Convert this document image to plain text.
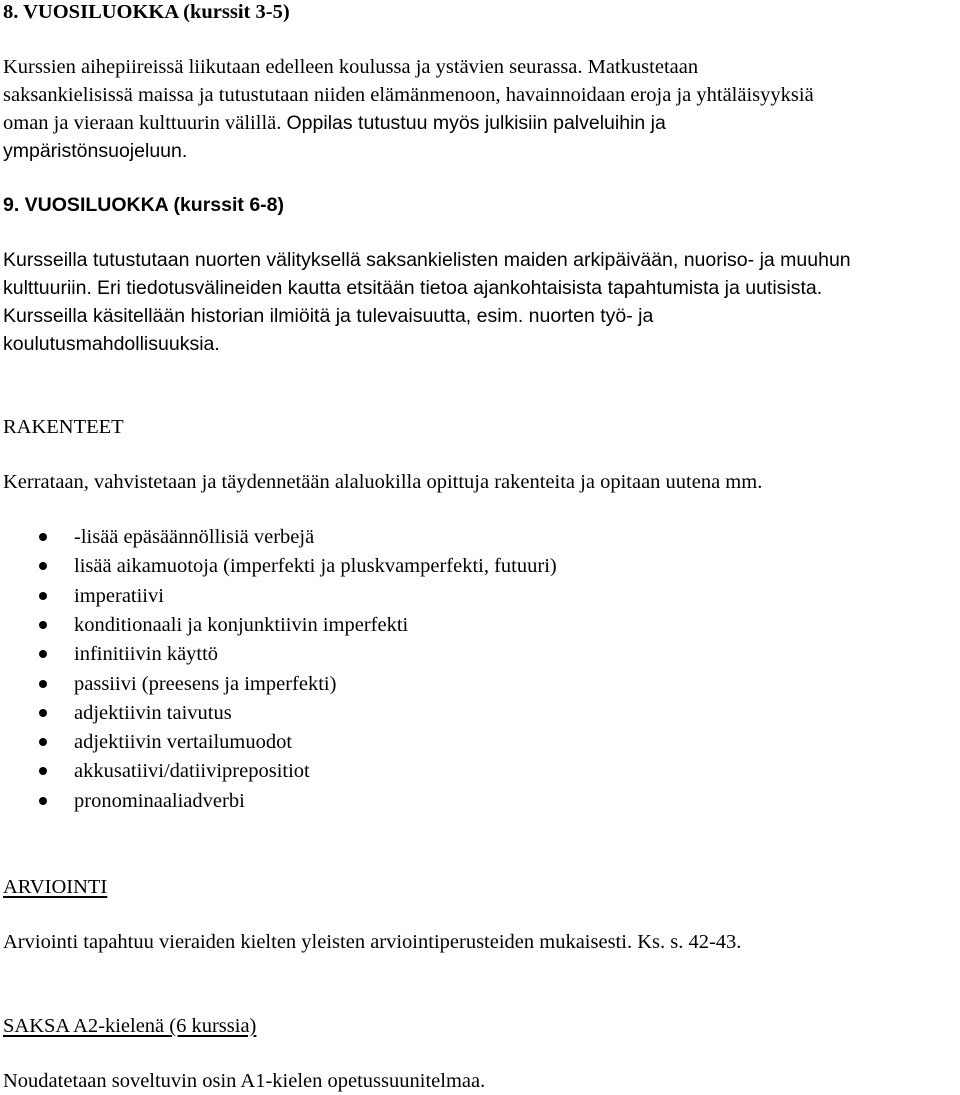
8. VUOSILUOKKA (kurssit 3-5)
Kurssien aihepiireissä liikutaan edelleen koulussa ja ystävien seurassa. Matkustetaan
saksankielisissä maissa ja tutustutaan niiden elämänmenoon, havainnoidaan eroja ja yhtäläisyyksiä
oman ja vieraan kulttuurin välillä. Oppilas tutustuu myös julkisiin palveluihin ja
ympäristönsuojeluun.
9. VUOSILUOKKA (kurssit 6-8)
Kursseilla tutustutaan nuorten välityksellä saksankielisten maiden arkipäivään, nuoriso- ja muuhun
kulttuuriin. Eri tiedotusvälineiden kautta etsitään tietoa ajankohtaisista tapahtumista ja uutisista.
Kursseilla käsitellään historian ilmiöitä ja tulevaisuutta, esim. nuorten työ- ja
koulutusmahdollisuuksia.
RAKENTEET
Kerrataan, vahvistetaan ja täydennetään alaluokilla opittuja rakenteita ja opitaan uutena mm.
-lisää epäsäännöllisiä verbejä
lisää aikamuotoja (imperfekti ja pluskvamperfekti, futuuri)
imperatiivi
konditionaali ja konjunktiivin imperfekti
infinitiivin käyttö
passiivi (preesens ja imperfekti)
adjektiivin taivutus
adjektiivin vertailumuodot
akkusatiivi/datiiviprepositiot
pronominaaliadverbi
ARVIOINTI
Arviointi tapahtuu vieraiden kielten yleisten arviointiperusteiden mukaisesti. Ks. s. 42-43.
SAKSA A2-kielenä (6 kurssia)
Noudatetaan soveltuvin osin A1-kielen opetussuunitelmaa.
